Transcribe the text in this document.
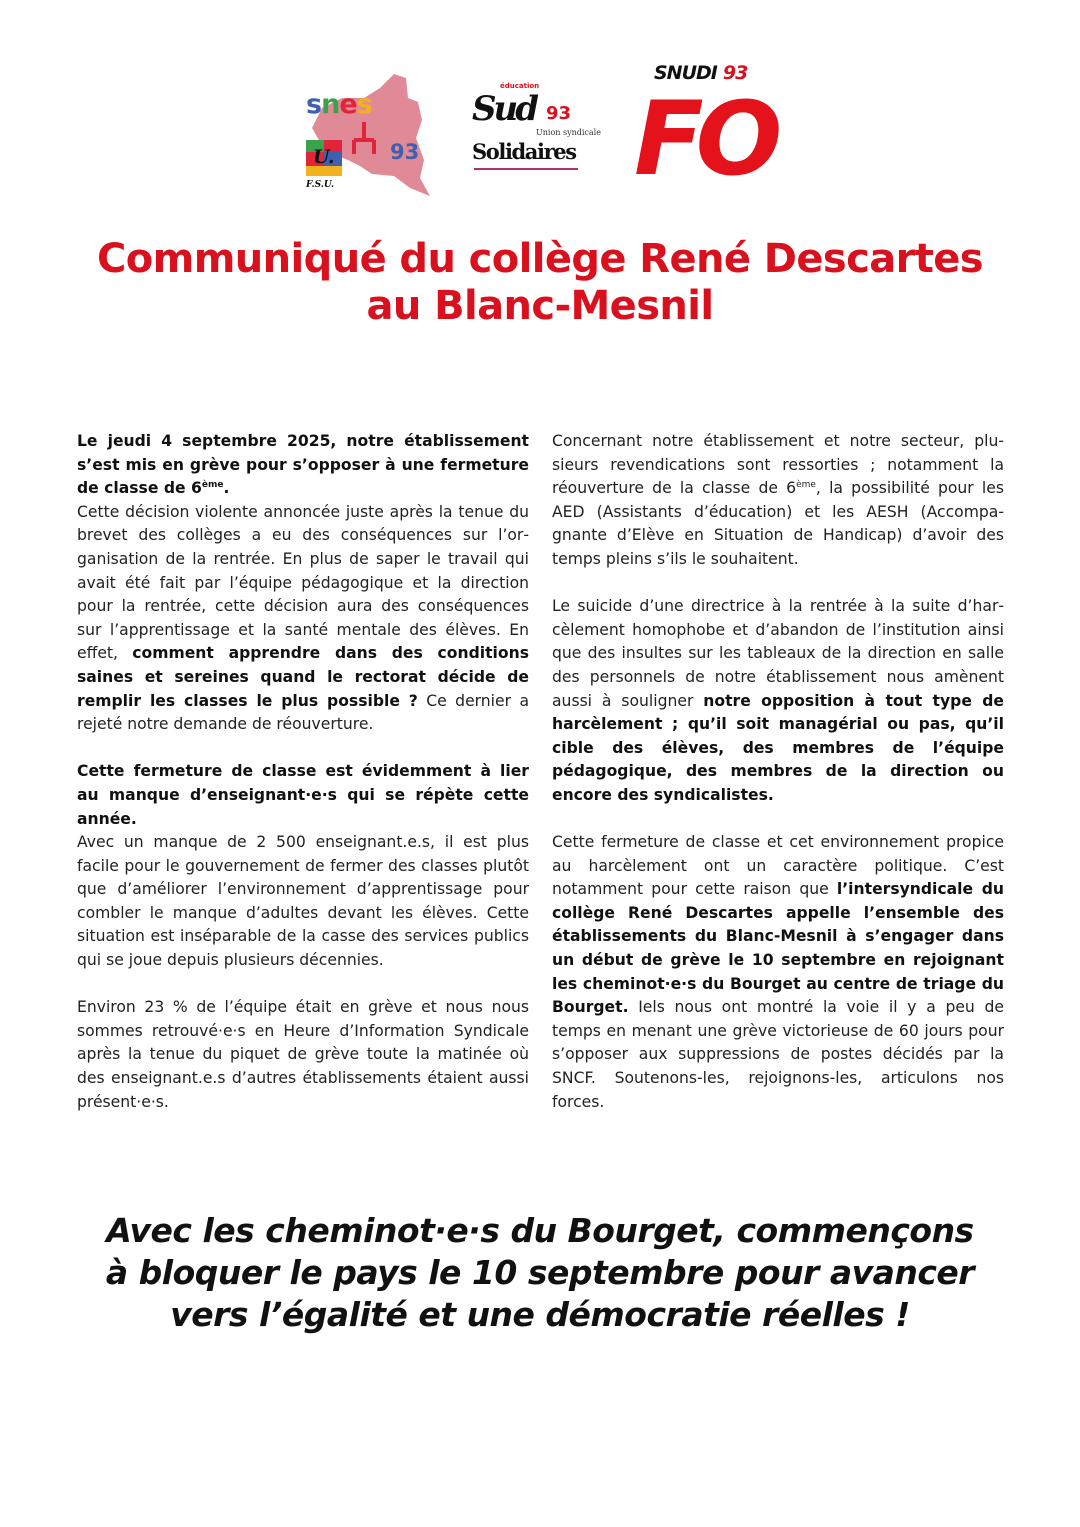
snes
U.	93
F.S.U.
éducation
Sud 93
Union syndicale
Solidaires
SNUDI 93
FO
Communiqué du collège René Descartes
au Blanc-Mesnil

Le jeudi 4 septembre 2025, notre établissement s’est mis en grève pour s’opposer à une fermeture de classe de 6ème.
Cette décision violente annoncée juste après la tenue du brevet des collèges a eu des conséquences sur l’organisation de la rentrée. En plus de saper le travail qui avait été fait par l’équipe pédagogique et la direction pour la rentrée, cette décision aura des conséquences sur l’apprentissage et la santé mentale des élèves. En effet, comment apprendre dans des conditions saines et sereines quand le rectorat décide de remplir les classes le plus possible ? Ce dernier a rejeté notre demande de réouverture.

Cette fermeture de classe est évidemment à lier au manque d’enseignant·e·s qui se répète cette année.
Avec un manque de 2 500 enseignant.e.s, il est plus facile pour le gouvernement de fermer des classes plutôt que d’améliorer l’environnement d’apprentissage pour combler le manque d’adultes devant les élèves. Cette situation est inséparable de la casse des services publics qui se joue depuis plusieurs décennies.

Environ 23 % de l’équipe était en grève et nous nous sommes retrouvé·e·s en Heure d’Information Syndicale après la tenue du piquet de grève toute la matinée où des enseignant.e.s d’autres établissements étaient aussi présent·e·s.

Concernant notre établissement et notre secteur, plusieurs revendications sont ressorties ; notamment la réouverture de la classe de 6ème, la possibilité pour les AED (Assistants d’éducation) et les AESH (Accompagnante d’Elève en Situation de Handicap) d’avoir des temps pleins s’ils le souhaitent.

Le suicide d’une directrice à la rentrée à la suite d’harcèlement homophobe et d’abandon de l’institution ainsi que des insultes sur les tableaux de la direction en salle des personnels de notre établissement nous amènent aussi à souligner notre opposition à tout type de harcèlement ; qu’il soit managérial ou pas, qu’il cible des élèves, des membres de l’équipe pédagogique, des membres de la direction ou encore des syndicalistes.

Cette fermeture de classe et cet environnement propice au harcèlement ont un caractère politique. C’est notamment pour cette raison que l’intersyndicale du collège René Descartes appelle l’ensemble des établissements du Blanc-Mesnil à s’engager dans un début de grève le 10 septembre en rejoignant les cheminot·e·s du Bourget au centre de triage du Bourget. Iels nous ont montré la voie il y a peu de temps en menant une grève victorieuse de 60 jours pour s’opposer aux suppressions de postes décidés par la SNCF. Soutenons-les, rejoignons-les, articulons nos forces.

Avec les cheminot·e·s du Bourget, commençons
à bloquer le pays le 10 septembre pour avancer
vers l’égalité et une démocratie réelles !
